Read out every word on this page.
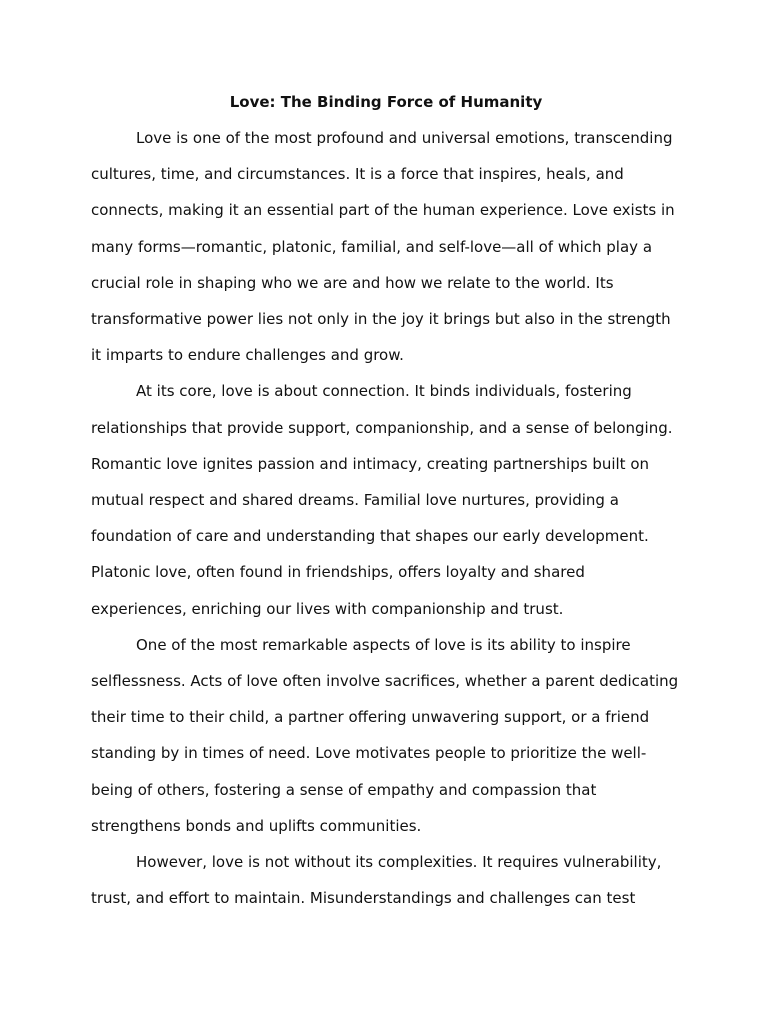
Love: The Binding Force of Humanity

Love is one of the most profound and universal emotions, transcending cultures, time, and circumstances. It is a force that inspires, heals, and connects, making it an essential part of the human experience. Love exists in many forms—romantic, platonic, familial, and self-love—all of which play a crucial role in shaping who we are and how we relate to the world. Its transformative power lies not only in the joy it brings but also in the strength it imparts to endure challenges and grow.

At its core, love is about connection. It binds individuals, fostering relationships that provide support, companionship, and a sense of belonging. Romantic love ignites passion and intimacy, creating partnerships built on mutual respect and shared dreams. Familial love nurtures, providing a foundation of care and understanding that shapes our early development. Platonic love, often found in friendships, offers loyalty and shared experiences, enriching our lives with companionship and trust.

One of the most remarkable aspects of love is its ability to inspire selflessness. Acts of love often involve sacrifices, whether a parent dedicating their time to their child, a partner offering unwavering support, or a friend standing by in times of need. Love motivates people to prioritize the well-being of others, fostering a sense of empathy and compassion that strengthens bonds and uplifts communities.

However, love is not without its complexities. It requires vulnerability, trust, and effort to maintain. Misunderstandings and challenges can test
